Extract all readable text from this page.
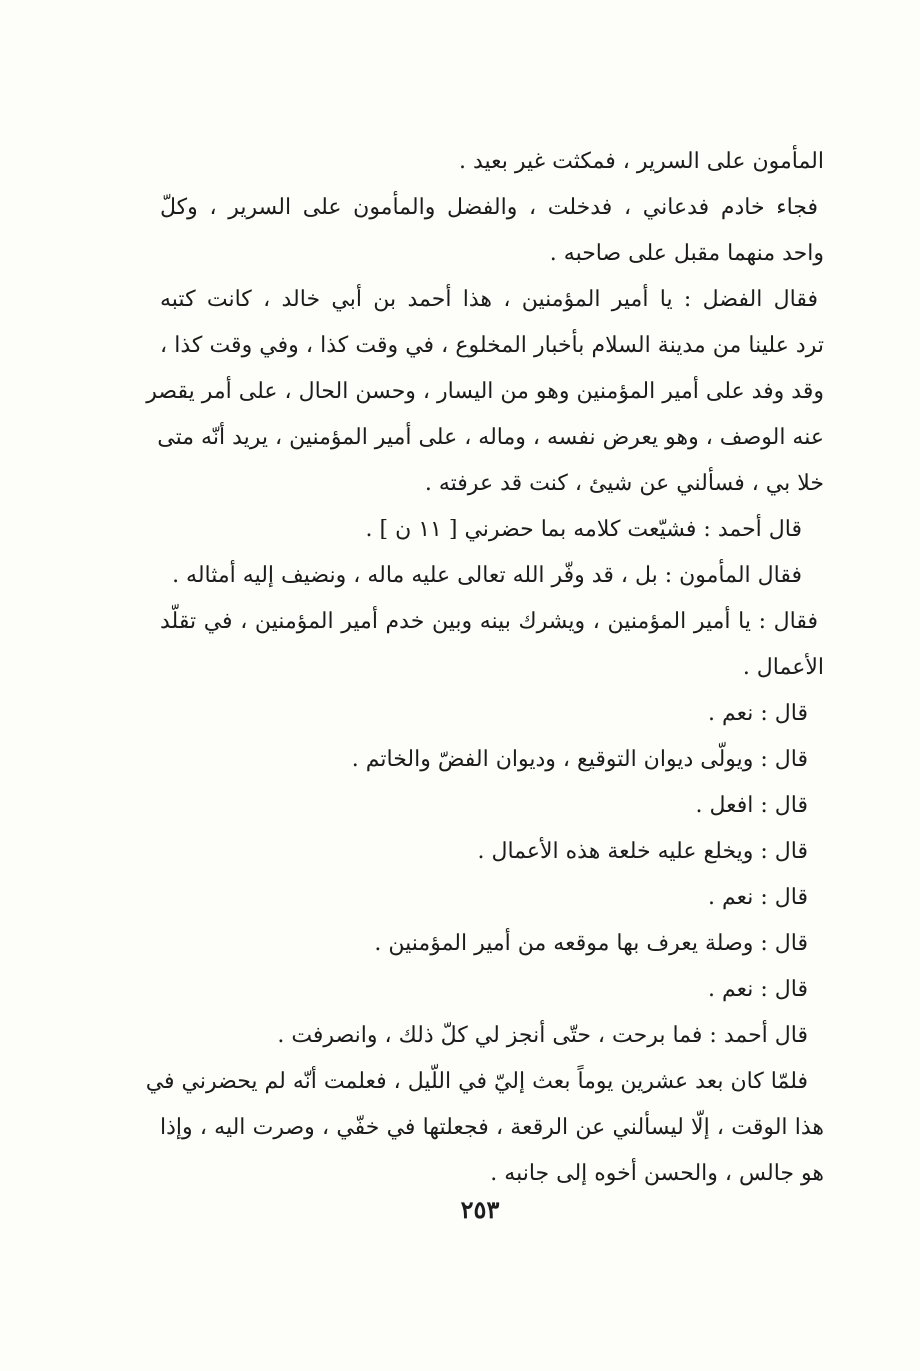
المأمون على السرير ، فمكثت غير بعيد .
فجاء خادم فدعاني ، فدخلت ، والفضل والمأمون على السرير ، وكلّ
واحد منهما مقبل على صاحبه .
فقال الفضل : يا أمير المؤمنين ، هذا أحمد بن أبي خالد ، كانت كتبه
ترد علينا من مدينة السلام بأخبار المخلوع ، في وقت كذا ، وفي وقت كذا ،
وقد وفد على أمير المؤمنين وهو من اليسار ، وحسن الحال ، على أمر يقصر
عنه الوصف ، وهو يعرض نفسه ، وماله ، على أمير المؤمنين ، يريد أنّه متى
خلا بي ، فسألني عن شيئ ، كنت قد عرفته .
قال أحمد : فشيّعت كلامه بما حضرني [ ١١ ن ] .
فقال المأمون : بل ، قد وفّر الله تعالى عليه ماله ، ونضيف إليه أمثاله .
فقال : يا أمير المؤمنين ، ويشرك بينه وبين خدم أمير المؤمنين ، في تقلّد
الأعمال .
قال : نعم .
قال : ويولّى ديوان التوقيع ، وديوان الفضّ والخاتم .
قال : افعل .
قال : ويخلع عليه خلعة هذه الأعمال .
قال : نعم .
قال : وصلة يعرف بها موقعه من أمير المؤمنين .
قال : نعم .
قال أحمد : فما برحت ، حتّى أنجز لي كلّ ذلك ، وانصرفت .
فلمّا كان بعد عشرين يوماً بعث إليّ في اللّيل ، فعلمت أنّه لم يحضرني في
هذا الوقت ، إلّا ليسألني عن الرقعة ، فجعلتها في خفّي ، وصرت اليه ، وإذا
هو جالس ، والحسن أخوه إلى جانبه .
٢٥٣
